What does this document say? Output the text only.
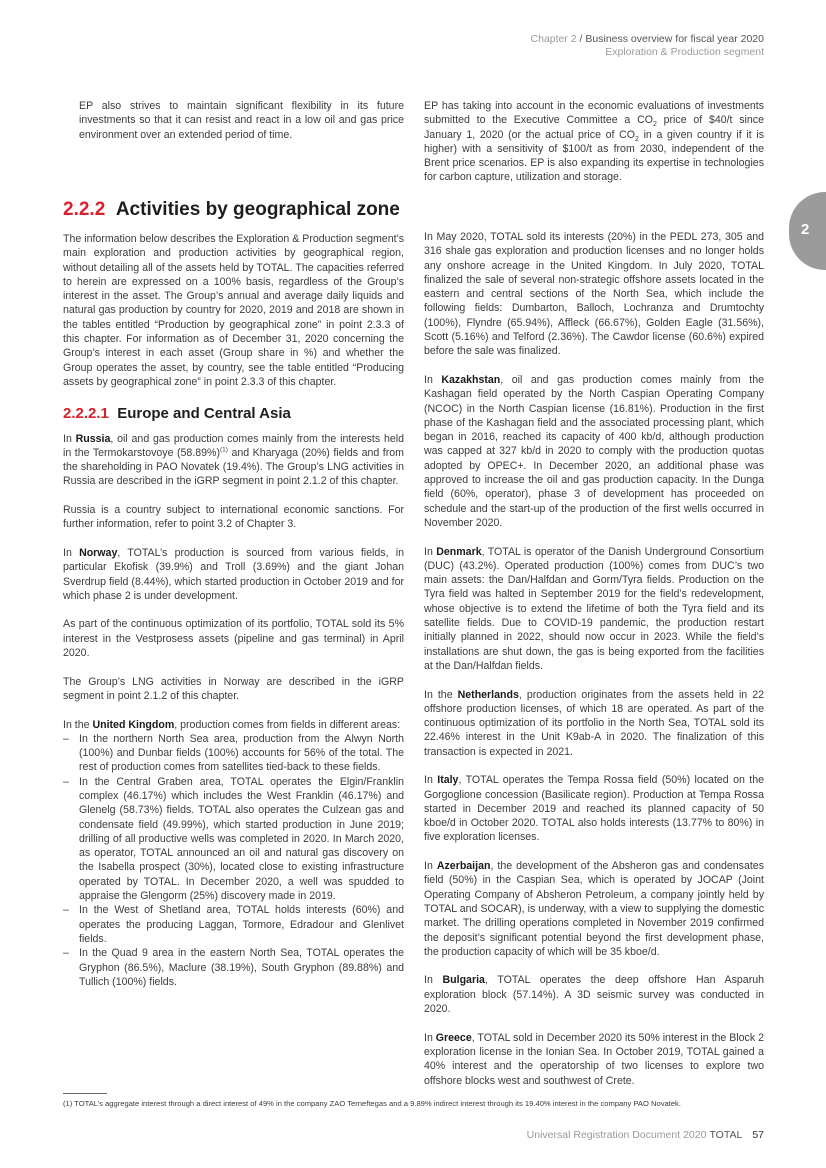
Chapter 2 / Business overview for fiscal year 2020
Exploration & Production segment
2

EP also strives to maintain significant flexibility in its future investments so that it can resist and react in a low oil and gas price environment over an extended period of time.

EP has taking into account in the economic evaluations of investments submitted to the Executive Committee a $CO_2$ price of $40/t since January 1, 2020 (or the actual price of $CO_2$ in a given country if it is higher) with a sensitivity of $100/t as from 2030, independent of the Brent price scenarios. EP is also expanding its expertise in technologies for carbon capture, utilization and storage.

2.2.2 Activities by geographical zone

The information below describes the Exploration & Production segment’s main exploration and production activities by geographical region, without detailing all of the assets held by TOTAL. The capacities referred to herein are expressed on a 100% basis, regardless of the Group’s interest in the asset. The Group’s annual and average daily liquids and natural gas production by country for 2020, 2019 and 2018 are shown in the tables entitled “Production by geographical zone” in point 2.3.3 of this chapter. For information as of December 31, 2020 concerning the Group’s interest in each asset (Group share in %) and whether the Group operates the asset, by country, see the table entitled “Producing assets by geographical zone” in point 2.3.3 of this chapter.

2.2.2.1 Europe and Central Asia

In Russia, oil and gas production comes mainly from the interests held in the Termokarstovoye $(58.89\%)^{(1)}$ and Kharyaga (20%) fields and from the shareholding in PAO Novatek (19.4%). The Group’s LNG activities in Russia are described in the iGRP segment in point 2.1.2 of this chapter.

Russia is a country subject to international economic sanctions. For further information, refer to point 3.2 of Chapter 3.

In Norway, TOTAL’s production is sourced from various fields, in particular Ekofisk (39.9%) and Troll (3.69%) and the giant Johan Sverdrup field (8.44%), which started production in October 2019 and for which phase 2 is under development.

As part of the continuous optimization of its portfolio, TOTAL sold its 5% interest in the Vestprosess assets (pipeline and gas terminal) in April 2020.

The Group’s LNG activities in Norway are described in the iGRP segment in point 2.1.2 of this chapter.

In the United Kingdom, production comes from fields in different areas:
– In the northern North Sea area, production from the Alwyn North (100%) and Dunbar fields (100%) accounts for 56% of the total. The rest of production comes from satellites tied-back to these fields.
– In the Central Graben area, TOTAL operates the Elgin/Franklin complex (46.17%) which includes the West Franklin (46.17%) and Glenelg (58.73%) fields. TOTAL also operates the Culzean gas and condensate field (49.99%), which started production in June 2019; drilling of all productive wells was completed in 2020. In March 2020, as operator, TOTAL announced an oil and natural gas discovery on the Isabella prospect (30%), located close to existing infrastructure operated by TOTAL. In December 2020, a well was spudded to appraise the Glengorm (25%) discovery made in 2019.
– In the West of Shetland area, TOTAL holds interests (60%) and operates the producing Laggan, Tormore, Edradour and Glenlivet fields.
– In the Quad 9 area in the eastern North Sea, TOTAL operates the Gryphon (86.5%), Maclure (38.19%), South Gryphon (89.88%) and Tullich (100%) fields.

In May 2020, TOTAL sold its interests (20%) in the PEDL 273, 305 and 316 shale gas exploration and production licenses and no longer holds any onshore acreage in the United Kingdom. In July 2020, TOTAL finalized the sale of several non-strategic offshore assets located in the eastern and central sections of the North Sea, which include the following fields: Dumbarton, Balloch, Lochranza and Drumtochty (100%), Flyndre (65.94%), Affleck (66.67%), Golden Eagle (31.56%), Scott (5.16%) and Telford (2.36%). The Cawdor license (60.6%) expired before the sale was finalized.

In Kazakhstan, oil and gas production comes mainly from the Kashagan field operated by the North Caspian Operating Company (NCOC) in the North Caspian license (16.81%). Production in the first phase of the Kashagan field and the associated processing plant, which began in 2016, reached its capacity of 400 kb/d, although production was capped at 327 kb/d in 2020 to comply with the production quotas adopted by OPEC+. In December 2020, an additional phase was approved to increase the oil and gas production capacity. In the Dunga field (60%, operator), phase 3 of development has proceeded on schedule and the start-up of the production of the first wells occurred in November 2020.

In Denmark, TOTAL is operator of the Danish Underground Consortium (DUC) (43.2%). Operated production (100%) comes from DUC’s two main assets: the Dan/Halfdan and Gorm/Tyra fields. Production on the Tyra field was halted in September 2019 for the field’s redevelopment, whose objective is to extend the lifetime of both the Tyra field and its satellite fields. Due to COVID-19 pandemic, the production restart initially planned in 2022, should now occur in 2023. While the field’s installations are shut down, the gas is being exported from the facilities at the Dan/Halfdan fields.

In the Netherlands, production originates from the assets held in 22 offshore production licenses, of which 18 are operated. As part of the continuous optimization of its portfolio in the North Sea, TOTAL sold its 22.46% interest in the Unit K9ab-A in 2020. The finalization of this transaction is expected in 2021.

In Italy, TOTAL operates the Tempa Rossa field (50%) located on the Gorgoglione concession (Basilicate region). Production at Tempa Rossa started in December 2019 and reached its planned capacity of 50 kboe/d in October 2020. TOTAL also holds interests (13.77% to 80%) in five exploration licenses.

In Azerbaijan, the development of the Absheron gas and condensates field (50%) in the Caspian Sea, which is operated by JOCAP (Joint Operating Company of Absheron Petroleum, a company jointly held by TOTAL and SOCAR), is underway, with a view to supplying the domestic market. The drilling operations completed in November 2019 confirmed the deposit’s significant potential beyond the first development phase, the production capacity of which will be 35 kboe/d.

In Bulgaria, TOTAL operates the deep offshore Han Asparuh exploration block (57.14%). A 3D seismic survey was conducted in 2020.

In Greece, TOTAL sold in December 2020 its 50% interest in the Block 2 exploration license in the Ionian Sea. In October 2019, TOTAL gained a 40% interest and the operatorship of two licenses to explore two offshore blocks west and southwest of Crete.

(1) TOTAL’s aggregate interest through a direct interest of 49% in the company ZAO Terneftegas and a 9.89% indirect interest through its 19.40% interest in the company PAO Novatek.
Universal Registration Document 2020 TOTAL 57
